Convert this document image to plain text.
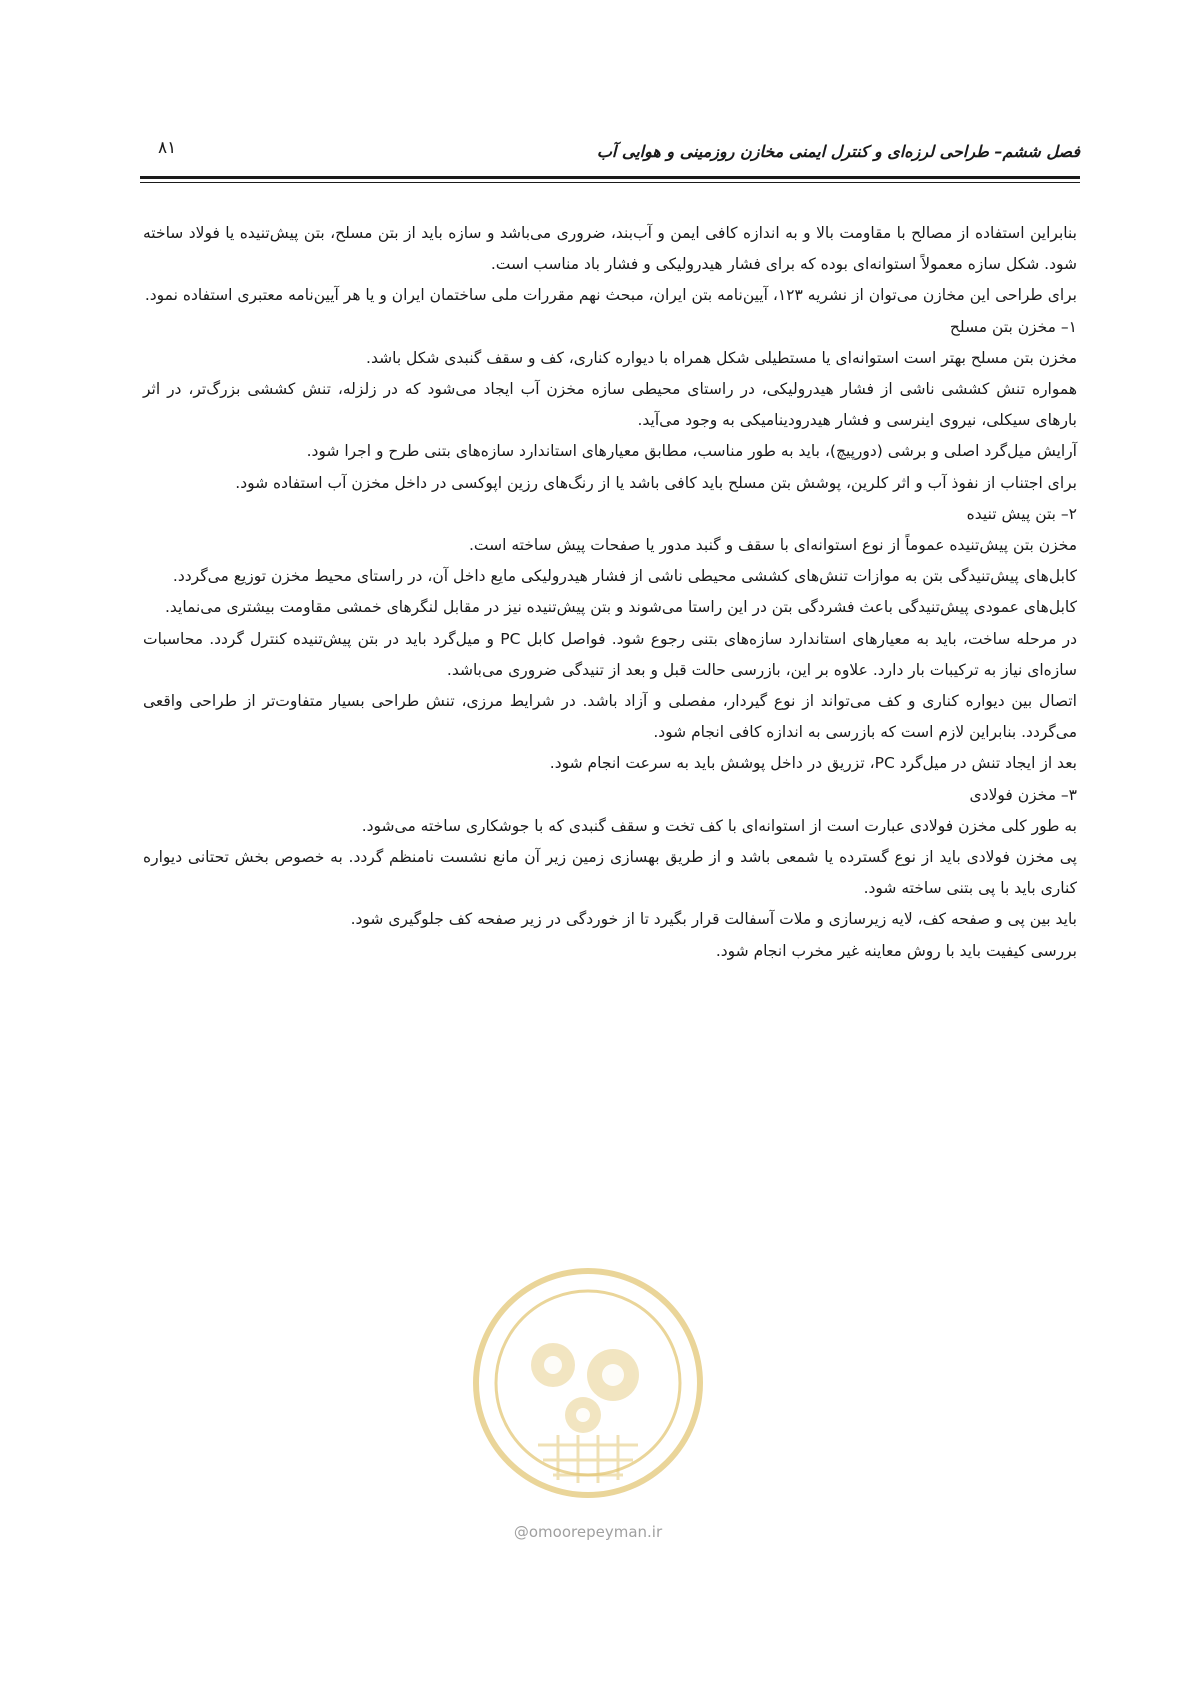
فصل ششم– طراحی لرزه‌ای و کنترل ایمنی مخازن روزمینی و هوایی آب
۸۱

بنابراین استفاده از مصالح با مقاومت بالا و به اندازه کافی ایمن و آب‌بند، ضروری می‌باشد و سازه باید از بتن مسلح، بتن پیش‌تنیده یا فولاد ساخته شود. شکل سازه معمولاً استوانه‌ای بوده که برای فشار هیدرولیکی و فشار باد مناسب است.

برای طراحی این مخازن می‌توان از نشریه ۱۲۳، آیین‌نامه بتن ایران، مبحث نهم مقررات ملی ساختمان ایران و یا هر آیین‌نامه معتبری استفاده نمود.

۱– مخزن بتن مسلح

مخزن بتن مسلح بهتر است استوانه‌ای یا مستطیلی شکل همراه با دیواره کناری، کف و سقف گنبدی شکل باشد.

همواره تنش کششی ناشی از فشار هیدرولیکی، در راستای محیطی سازه مخزن آب ایجاد می‌شود که در زلزله، تنش کششی بزرگ‌تر، در اثر بارهای سیکلی، نیروی اینرسی و فشار هیدرودینامیکی به وجود می‌آید.

آرایش میل‌گرد اصلی و برشی (دورپیچ)، باید به طور مناسب، مطابق معیارهای استاندارد سازه‌های بتنی طرح و اجرا شود.

برای اجتناب از نفوذ آب و اثر کلرین، پوشش بتن مسلح باید کافی باشد یا از رنگ‌های رزین اپوکسی در داخل مخزن آب استفاده شود.

۲– بتن پیش تنیده

مخزن بتن پیش‌تنیده عموماً از نوع استوانه‌ای با سقف و گنبد مدور یا صفحات پیش ساخته است.

کابل‌های پیش‌تنیدگی بتن به موازات تنش‌های کششی محیطی ناشی از فشار هیدرولیکی مایع داخل آن، در راستای محیط مخزن توزیع می‌گردد.

کابل‌های عمودی پیش‌تنیدگی باعث فشردگی بتن در این راستا می‌شوند و بتن پیش‌تنیده نیز در مقابل لنگرهای خمشی مقاومت بیشتری می‌نماید.

در مرحله ساخت، باید به معیارهای استاندارد سازه‌های بتنی رجوع شود. فواصل کابل PC و میل‌گرد باید در بتن پیش‌تنیده کنترل گردد. محاسبات سازه‌ای نیاز به ترکیبات بار دارد. علاوه بر این، بازرسی حالت قبل و بعد از تنیدگی ضروری می‌باشد.

اتصال بین دیواره کناری و کف می‌تواند از نوع گیردار، مفصلی و آزاد باشد. در شرایط مرزی، تنش طراحی بسیار متفاوت‌تر از طراحی واقعی می‌گردد. بنابراین لازم است که بازرسی به اندازه کافی انجام شود.

بعد از ایجاد تنش در میل‌گرد PC، تزریق در داخل پوشش باید به سرعت انجام شود.

۳– مخزن فولادی

به طور کلی مخزن فولادی عبارت است از استوانه‌ای با کف تخت و سقف گنبدی که با جوشکاری ساخته می‌شود.

پی مخزن فولادی باید از نوع گسترده یا شمعی باشد و از طریق بهسازی زمین زیر آن مانع نشست نامنظم گردد. به خصوص بخش تحتانی دیواره کناری باید با پی بتنی ساخته شود.

باید بین پی و صفحه کف، لایه زیرسازی و ملات آسفالت قرار بگیرد تا از خوردگی در زیر صفحه کف جلوگیری شود.

بررسی کیفیت باید با روش معاینه غیر مخرب انجام شود.

@omoorepeyman.ir
